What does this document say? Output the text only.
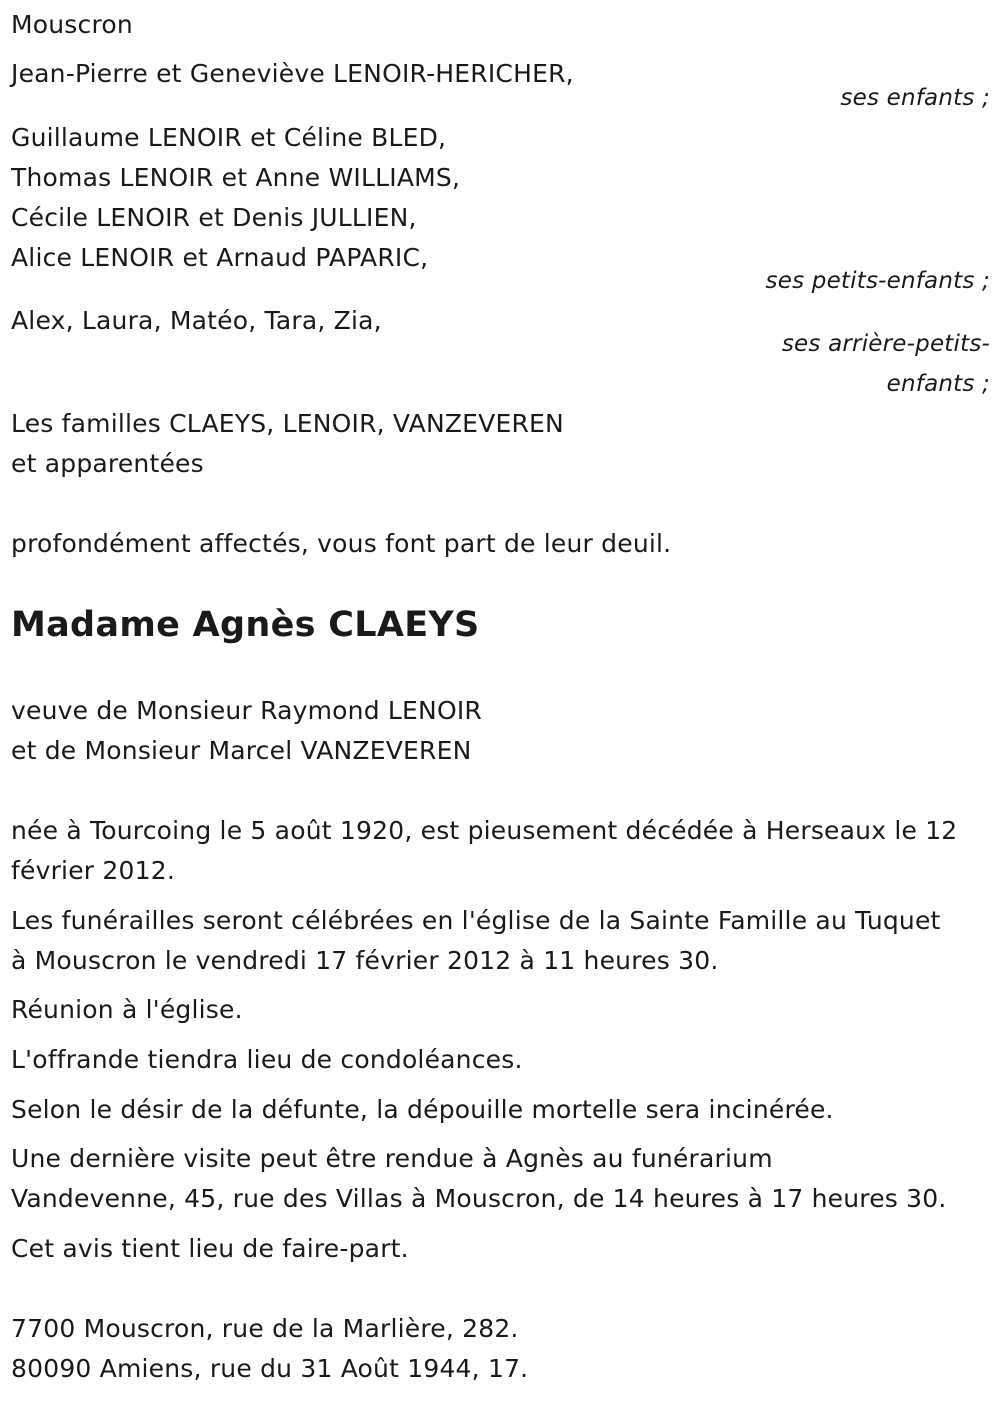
Mouscron
Jean-Pierre et Geneviève LENOIR-HERICHER,
ses enfants ;
Guillaume LENOIR et Céline BLED,
Thomas LENOIR et Anne WILLIAMS,
Cécile LENOIR et Denis JULLIEN,
Alice LENOIR et Arnaud PAPARIC,
ses petits-enfants ;
Alex, Laura, Matéo, Tara, Zia,
ses arrière-petits-
enfants ;
Les familles CLAEYS, LENOIR, VANZEVEREN
et apparentées
profondément affectés, vous font part de leur deuil.
Madame Agnès CLAEYS
veuve de Monsieur Raymond LENOIR
et de Monsieur Marcel VANZEVEREN
née à Tourcoing le 5 août 1920, est pieusement décédée à Herseaux le 12
février 2012.
Les funérailles seront célébrées en l'église de la Sainte Famille au Tuquet
à Mouscron le vendredi 17 février 2012 à 11 heures 30.
Réunion à l'église.
L'offrande tiendra lieu de condoléances.
Selon le désir de la défunte, la dépouille mortelle sera incinérée.
Une dernière visite peut être rendue à Agnès au funérarium
Vandevenne, 45, rue des Villas à Mouscron, de 14 heures à 17 heures 30.
Cet avis tient lieu de faire-part.
7700 Mouscron, rue de la Marlière, 282.
80090 Amiens, rue du 31 Août 1944, 17.
